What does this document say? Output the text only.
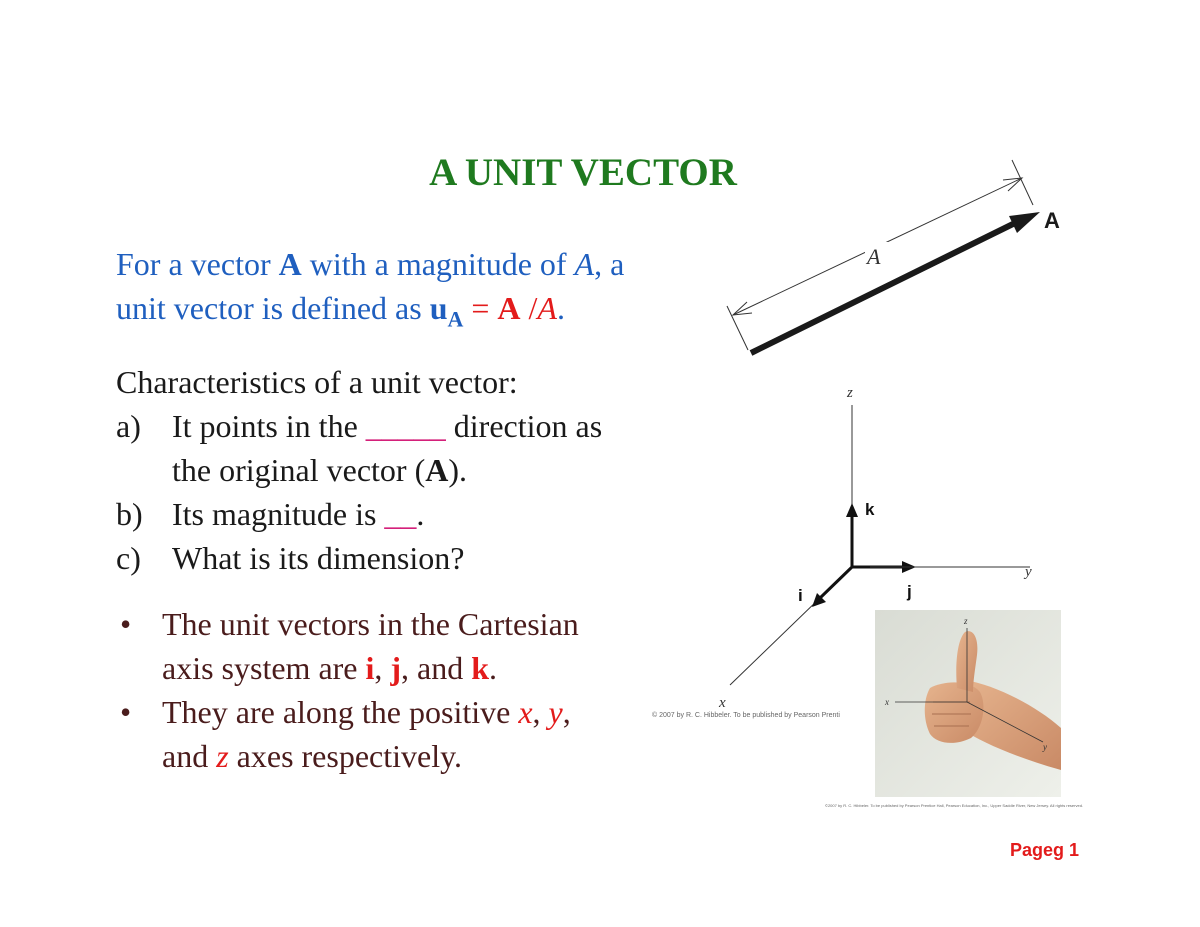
A UNIT VECTOR
For a vector A with a magnitude of A, a
unit vector is defined as $u_A = A$ /A.
Characteristics of a unit vector:
a) It points in the _____ direction as
the original vector (A).
b) Its magnitude is __.
c) What is its dimension?
• The unit vectors in the Cartesian
axis system are i, j, and k.
• They are along the positive x, y,
and z axes respectively.
A
A
z
x
k
j
i
y
© 2007 by R. C. Hibbeler. To be published by Pearson Prenti
z
x
y
©2007 by R. C. Hibbeler. To be published by Pearson Prentice Hall, Pearson Education, Inc., Upper Saddle River, New Jersey. All rights reserved.
Pageg 1
